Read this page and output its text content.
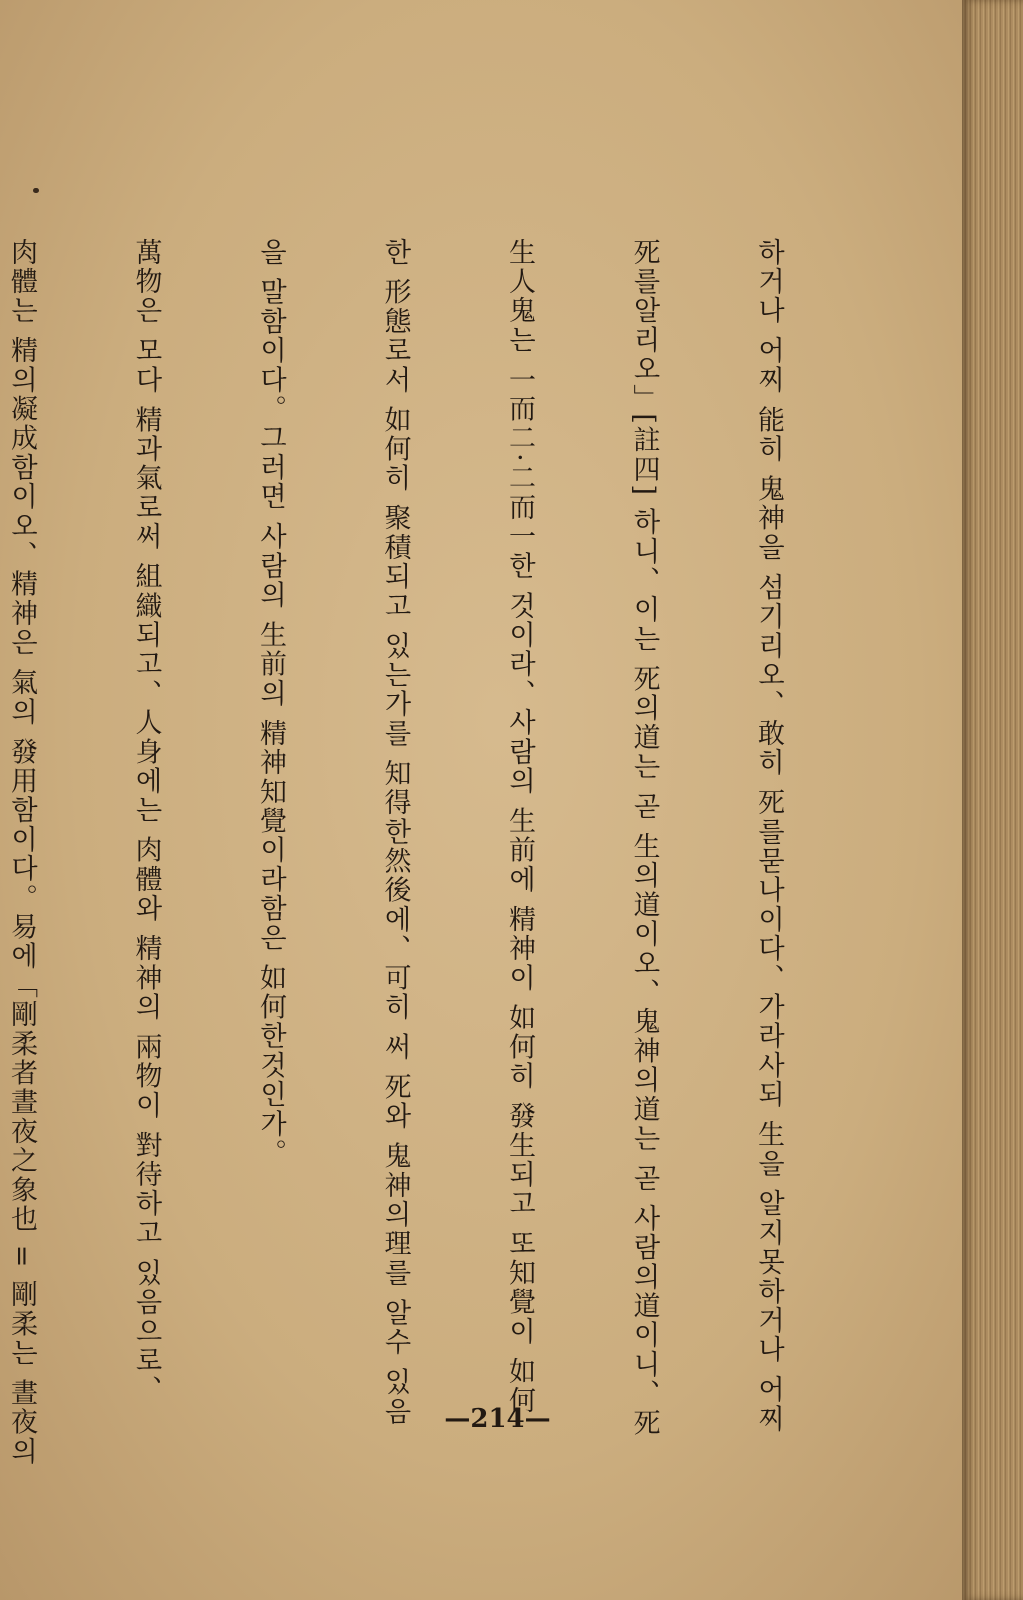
하거나 어찌 能히 鬼神을 섬기리오、敢히 死를묻나이다、가라사되 生을 알지못하거나 어찌

死를알리오」[註四] 하니、이는 死의道는 곧 生의道이오、鬼神의道는 곧 사람의道이니、死

生人鬼는 一而二·二而一한 것이라、사람의 生前에 精神이 如何히 發生되고 또知覺이 如何

한 形態로서 如何히 聚積되고 있는가를 知得한然後에、可히 써 死와 鬼神의理를 알수 있음

을 말함이다。그러면 사람의 生前의 精神知覺이라함은 如何한것인가。

萬物은 모다 精과氣로써 組織되고、人身에는 肉體와 精神의 兩物이 對待하고 있음으로、

肉體는 精의凝成함이오、精神은 氣의 發用함이다。易에「剛柔者晝夜之象也 = 剛柔는 晝夜의

	—214—
